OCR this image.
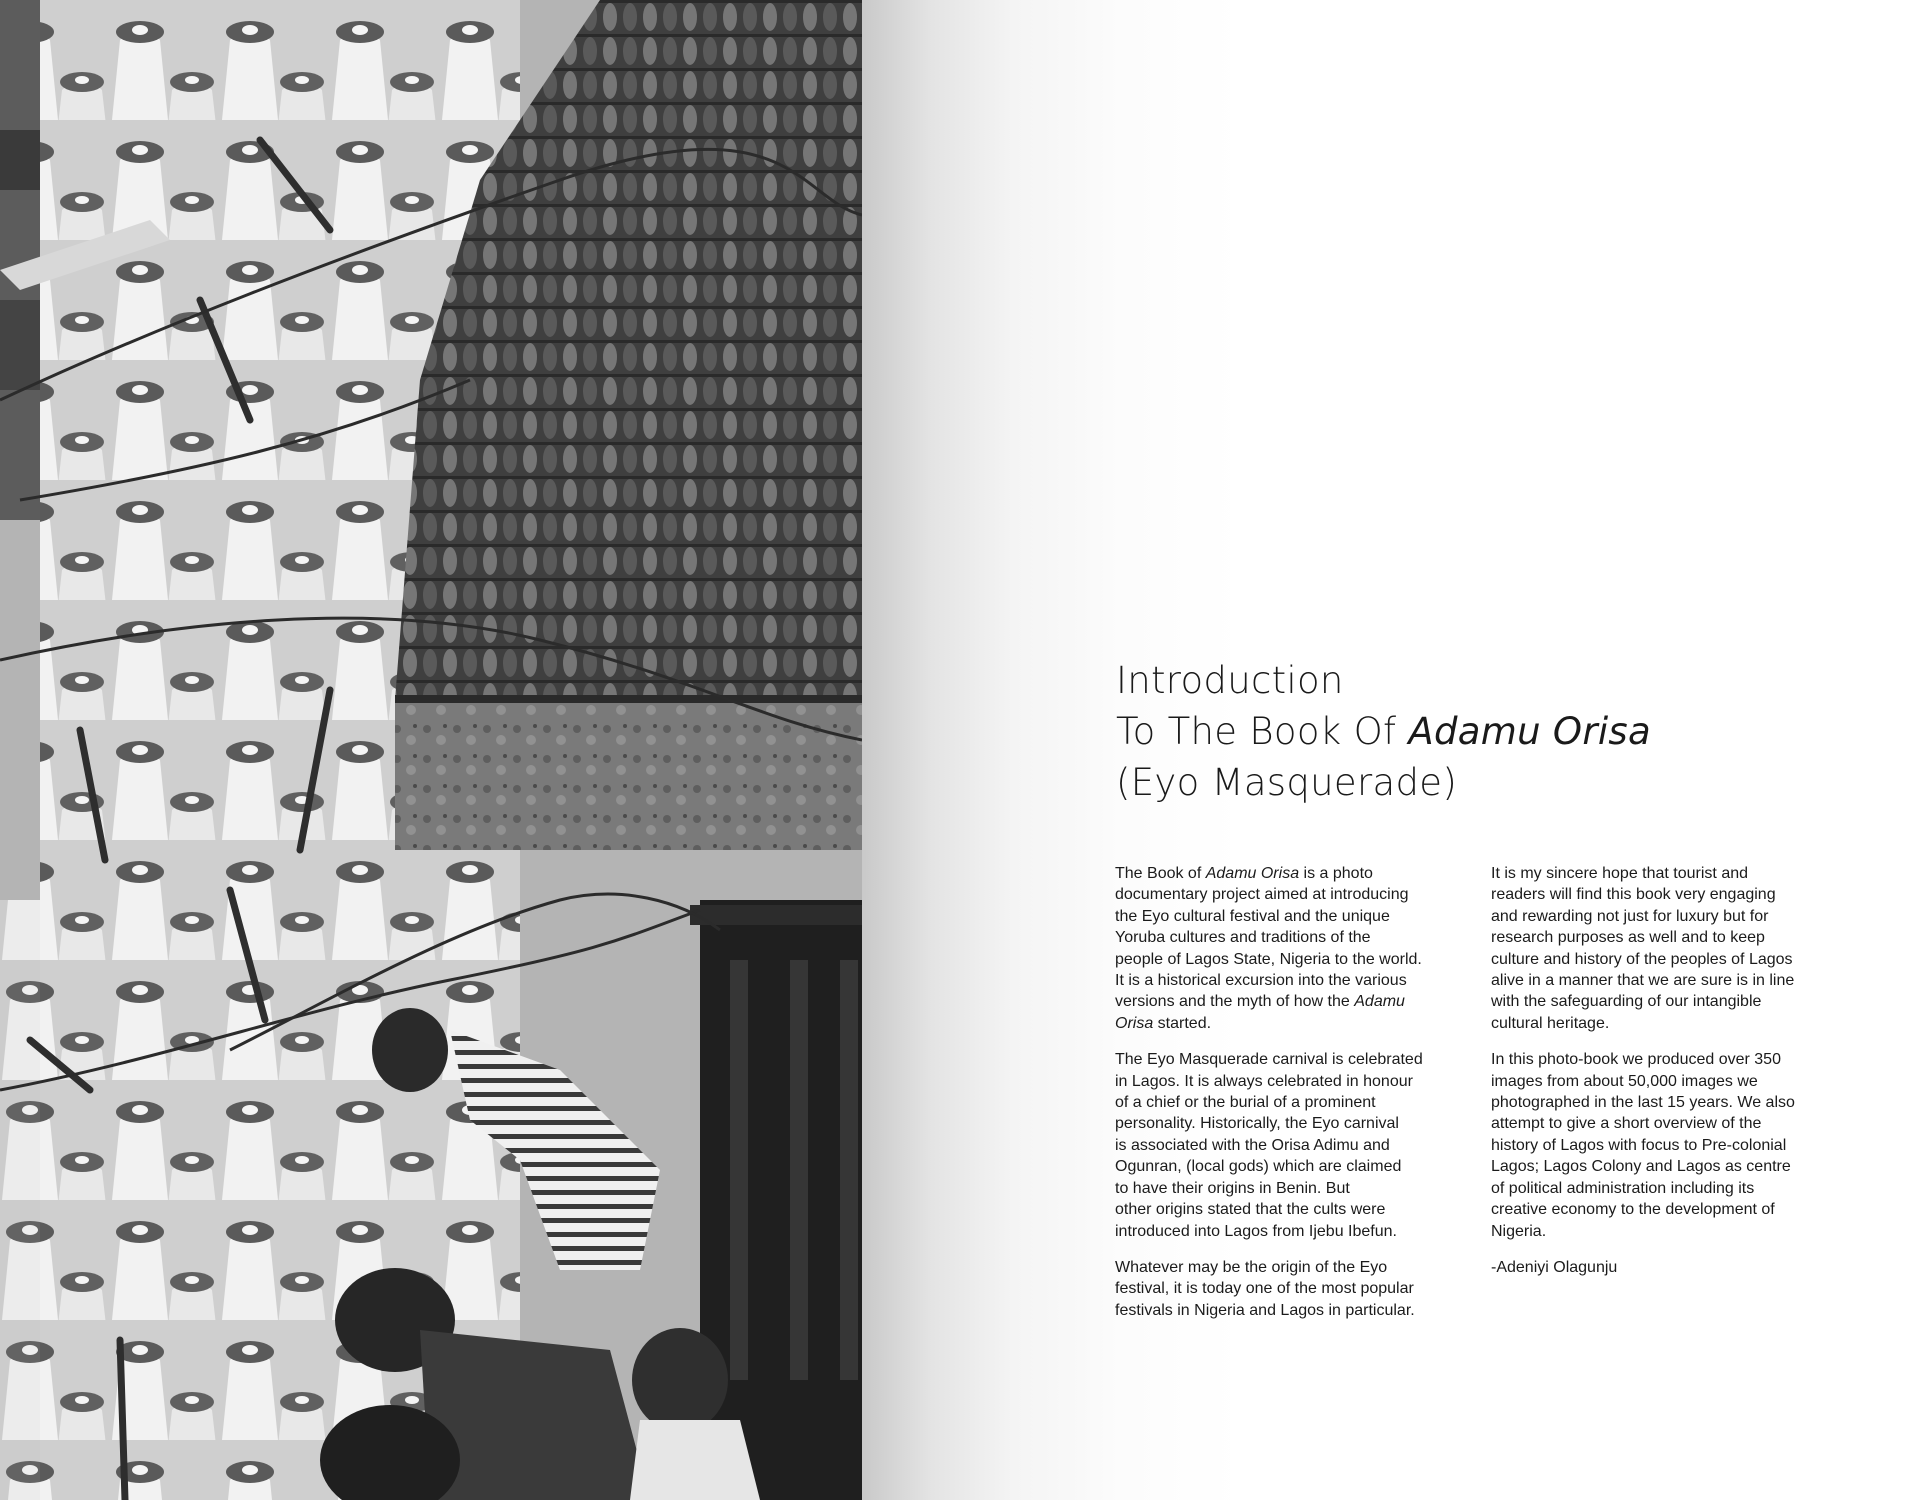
Introduction
To The Book Of Adamu Orisa
(Eyo Masquerade)

The Book of Adamu Orisa is a photo
documentary project aimed at introducing
the Eyo cultural festival and the unique
Yoruba cultures and traditions of the
people of Lagos State, Nigeria to the world.
It is a historical excursion into the various
versions and the myth of how the Adamu
Orisa started.

The Eyo Masquerade carnival is celebrated
in Lagos. It is always celebrated in honour
of a chief or the burial of a prominent
personality. Historically, the Eyo carnival
is associated with the Orisa Adimu and
Ogunran, (local gods) which are claimed
to have their origins in Benin. But
other origins stated that the cults were
introduced into Lagos from Ijebu Ibefun.

Whatever may be the origin of the Eyo
festival, it is today one of the most popular
festivals in Nigeria and Lagos in particular.

It is my sincere hope that tourist and
readers will find this book very engaging
and rewarding not just for luxury but for
research purposes as well and to keep
culture and history of the peoples of Lagos
alive in a manner that we are sure is in line
with the safeguarding of our intangible
cultural heritage.

In this photo-book we produced over 350
images from about 50,000 images we
photographed in the last 15 years. We also
attempt to give a short overview of the
history of Lagos with focus to Pre-colonial
Lagos; Lagos Colony and Lagos as centre
of political administration including its
creative economy to the development of
Nigeria.

-Adeniyi Olagunju
